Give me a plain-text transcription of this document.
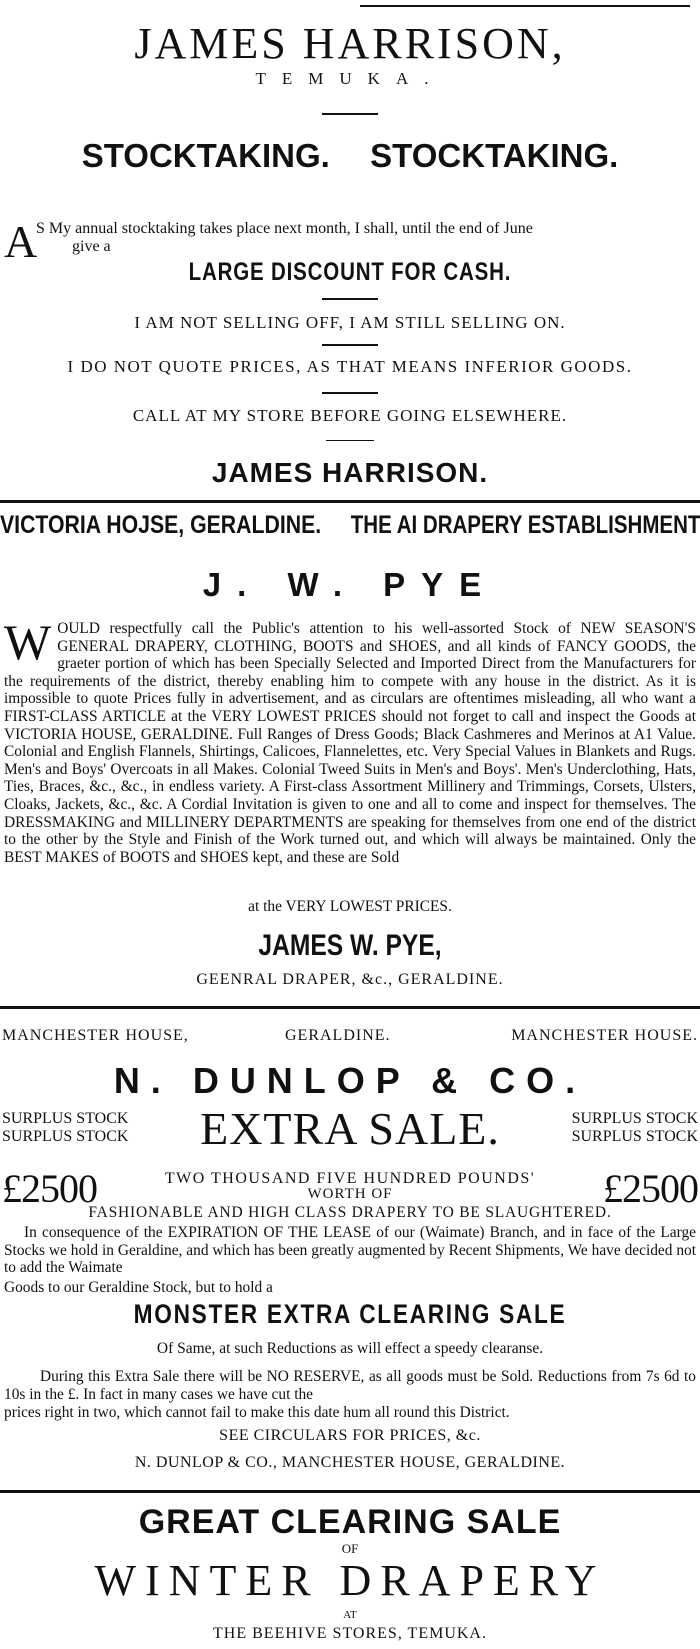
JAMES HARRISON,
TEMUKA.
STOCKTAKING. STOCKTAKING.
A
S My annual stocktaking takes place next month, I shall, until the end of June
give a
LARGE DISCOUNT FOR CASH.
I AM NOT SELLING OFF, I AM STILL SELLING ON.
I DO NOT QUOTE PRICES, AS THAT MEANS INFERIOR GOODS.
CALL AT MY STORE BEFORE GOING ELSEWHERE.
JAMES HARRISON.
VICTORIA HOJSE, GERALDINE. THE AI DRAPERY ESTABLISHMENT
J. W. PYE
W OULD respectfully call the Public's attention to his well-assorted Stock of NEW SEASON'S GENERAL DRAPERY, CLOTHING, BOOTS and SHOES, and all kinds of FANCY GOODS, the graeter portion of which has been Specially Selected and Imported Direct from the Manufacturers for the requirements of the district, thereby enabling him to compete with any house in the district. As it is impossible to quote Prices fully in advertisement, and as circulars are oftentimes misleading, all who want a FIRST-CLASS ARTICLE at the VERY LOWEST PRICES should not forget to call and inspect the Goods at VICTORIA HOUSE, GERALDINE. Full Ranges of Dress Goods; Black Cashmeres and Merinos at A1 Value. Colonial and English Flannels, Shirtings, Calicoes, Flannelettes, etc. Very Special Values in Blankets and Rugs. Men's and Boys' Overcoats in all Makes. Colonial Tweed Suits in Men's and Boys'. Men's Underclothing, Hats, Ties, Braces, &c., &c., in endless variety. A First-class Assortment Millinery and Trimmings, Corsets, Ulsters, Cloaks, Jackets, &c., &c. A Cordial Invitation is given to one and all to come and inspect for themselves. The DRESSMAKING and MILLINERY DEPARTMENTS are speaking for themselves from one end of the district to the other by the Style and Finish of the Work turned out, and which will always be maintained. Only the BEST MAKES of BOOTS and SHOES kept, and these are Sold
at the VERY LOWEST PRICES.
JAMES W. PYE,
GEENRAL DRAPER, &c., GERALDINE.
MANCHESTER HOUSE,	GERALDINE.	MANCHESTER HOUSE.
N. DUNLOP & CO.
SURPLUS STOCK
SURPLUS STOCK	EXTRA SALE.	SURPLUS STOCK
SURPLUS STOCK
£2500	TWO THOUSAND FIVE HUNDRED POUNDS'
WORTH OF	£2500
FASHIONABLE AND HIGH CLASS DRAPERY TO BE SLAUGHTERED.
In consequence of the EXPIRATION OF THE LEASE of our (Waimate) Branch, and in face of the Large Stocks we hold in Geraldine, and which has been greatly augmented by Recent Shipments, We have decided not to add the Waimate
Goods to our Geraldine Stock, but to hold a
MONSTER EXTRA CLEARING SALE
Of Same, at such Reductions as will effect a speedy clearanse.
During this Extra Sale there will be NO RESERVE, as all goods must be Sold. Reductions from 7s 6d to 10s in the £. In fact in many cases we have cut the
prices right in two, which cannot fail to make this date hum all round this District.
SEE CIRCULARS FOR PRICES, &c.
N. DUNLOP & CO., MANCHESTER HOUSE, GERALDINE.
GREAT CLEARING SALE
OF
WINTER DRAPERY
AT
THE BEEHIVE STORES, TEMUKA.
